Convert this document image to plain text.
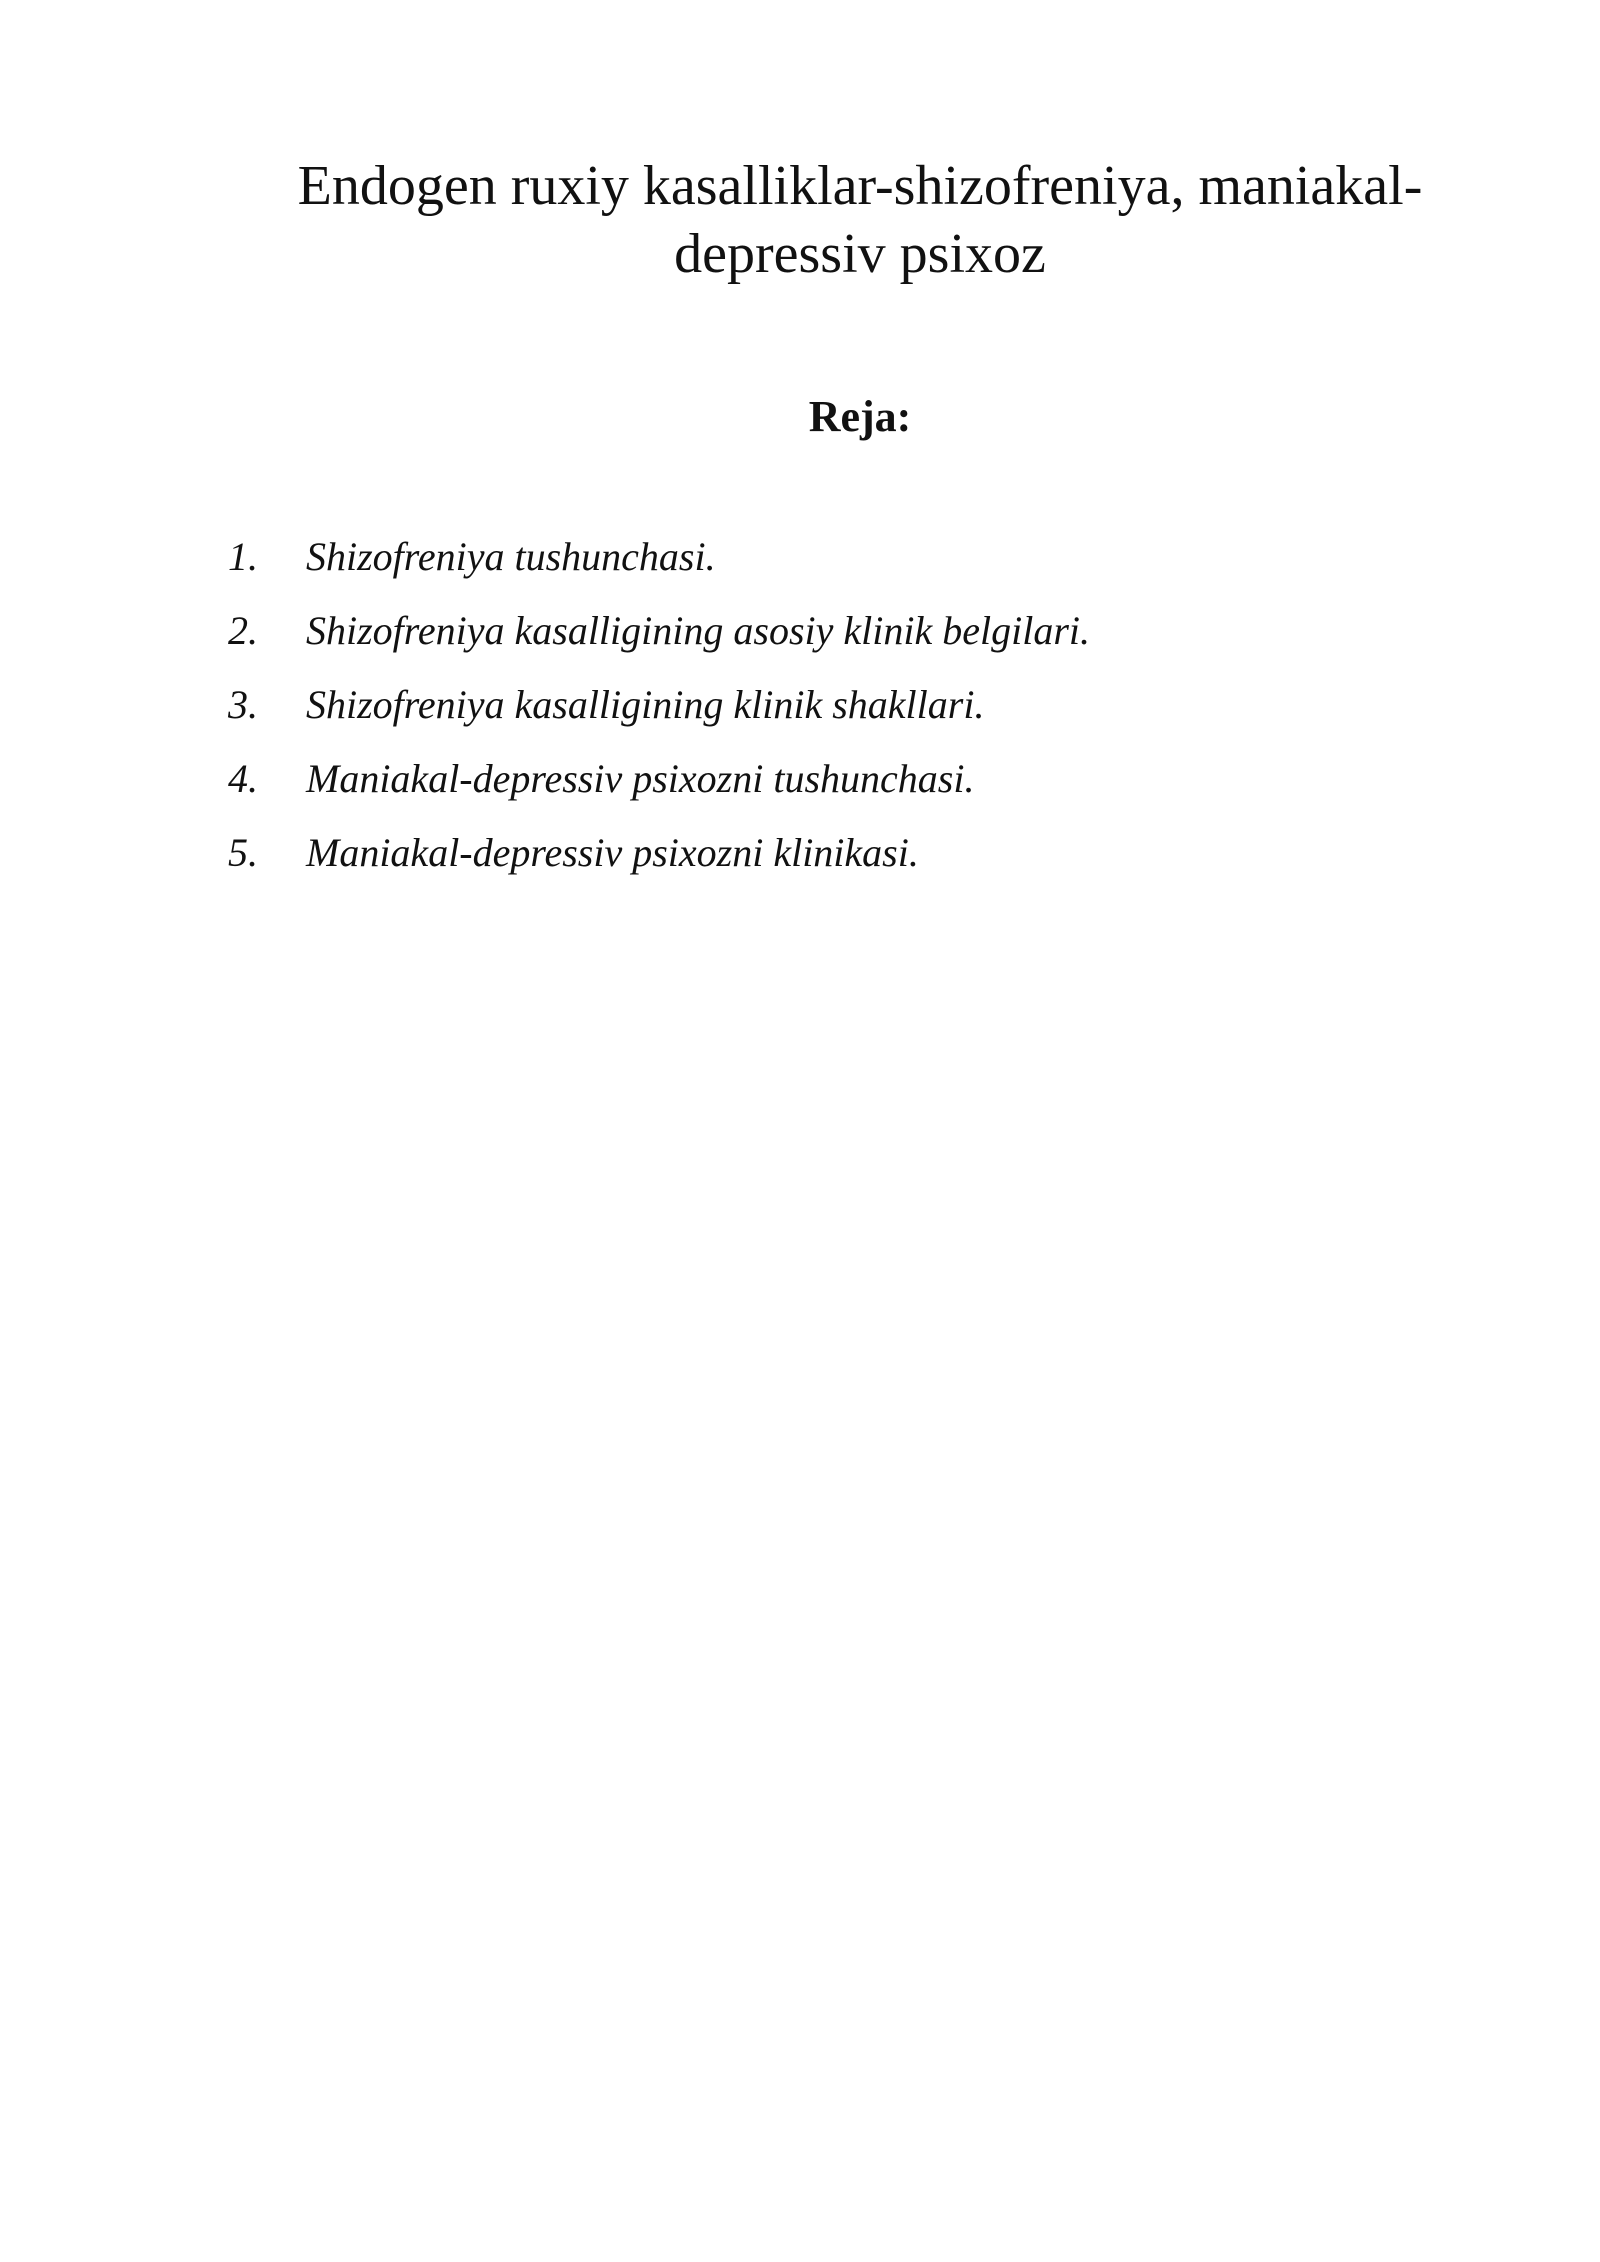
Endogen ruxiy kasalliklar-shizofreniya, maniakal-
depressiv psixoz
Reja:
1.	Shizofreniya tushunchasi.
2.	Shizofreniya kasalligining asosiy klinik belgilari.
3.	Shizofreniya kasalligining klinik shakllari.
4.	Maniakal-depressiv psixozni tushunchasi.
5.	Maniakal-depressiv psixozni klinikasi.
